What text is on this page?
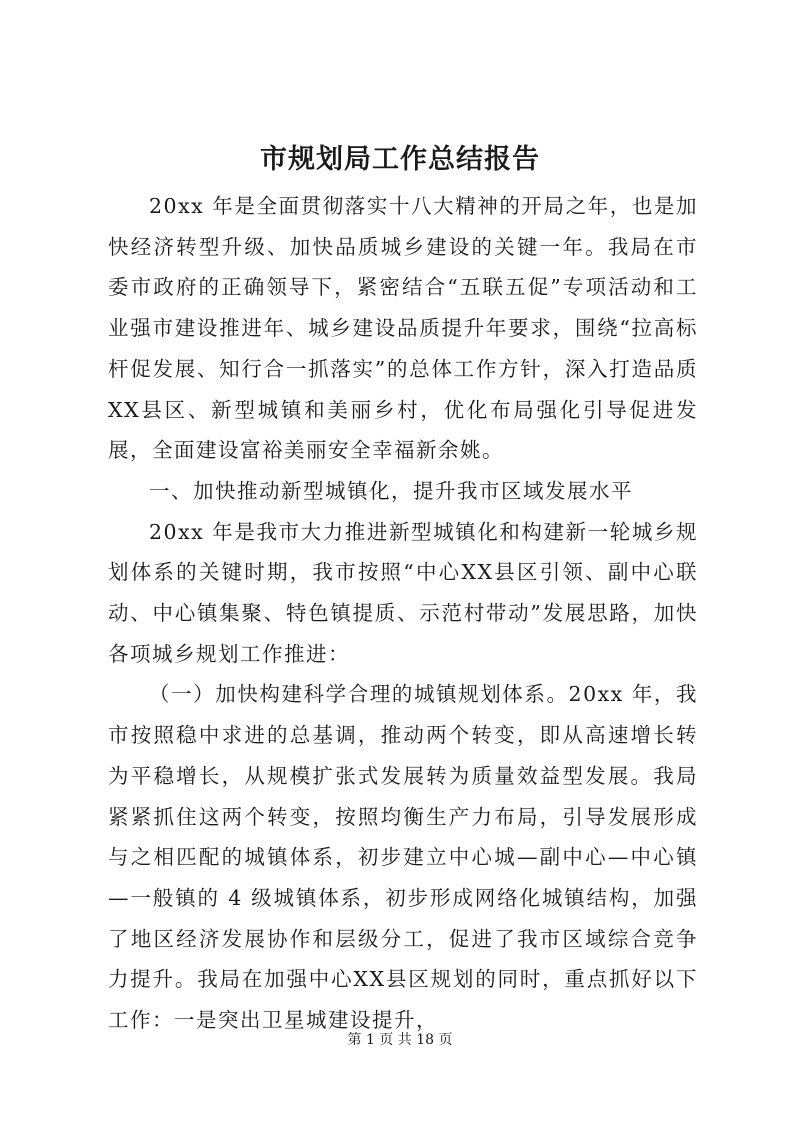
市规划局工作总结报告

20xx 年是全面贯彻落实十八大精神的开局之年，也是加快经济转型升级、加快品质城乡建设的关键一年。我局在市委市政府的正确领导下，紧密结合“五联五促”专项活动和工业强市建设推进年、城乡建设品质提升年要求，围绕“拉高标杆促发展、知行合一抓落实”的总体工作方针，深入打造品质XX县区、新型城镇和美丽乡村，优化布局强化引导促进发展，全面建设富裕美丽安全幸福新余姚。

一、加快推动新型城镇化，提升我市区域发展水平

20xx 年是我市大力推进新型城镇化和构建新一轮城乡规划体系的关键时期，我市按照“中心XX县区引领、副中心联动、中心镇集聚、特色镇提质、示范村带动”发展思路，加快各项城乡规划工作推进：

（一）加快构建科学合理的城镇规划体系。20xx 年，我市按照稳中求进的总基调，推动两个转变，即从高速增长转为平稳增长，从规模扩张式发展转为质量效益型发展。我局紧紧抓住这两个转变，按照均衡生产力布局，引导发展形成与之相匹配的城镇体系，初步建立中心城—副中心—中心镇—一般镇的 4 级城镇体系，初步形成网络化城镇结构，加强了地区经济发展协作和层级分工，促进了我市区域综合竞争力提升。我局在加强中心XX县区规划的同时，重点抓好以下工作：一是突出卫星城建设提升，

第 1 页 共 18 页
